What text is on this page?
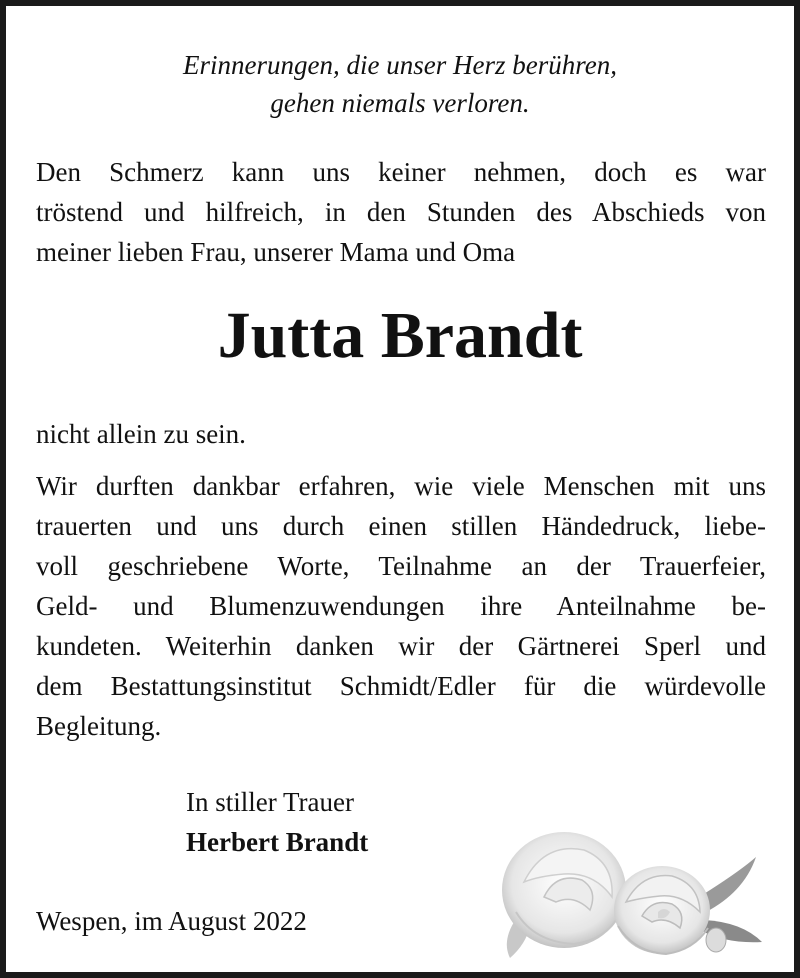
Erinnerungen, die unser Herz berühren,
gehen niemals verloren.
Den Schmerz kann uns keiner nehmen, doch es war
tröstend und hilfreich, in den Stunden des Abschieds von
meiner lieben Frau, unserer Mama und Oma
Jutta Brandt
nicht allein zu sein.
Wir durften dankbar erfahren, wie viele Menschen mit uns
trauerten und uns durch einen stillen Händedruck, liebe-
voll geschriebene Worte, Teilnahme an der Trauerfeier,
Geld- und Blumenzuwendungen ihre Anteilnahme be-
kundeten. Weiterhin danken wir der Gärtnerei Sperl und
dem Bestattungsinstitut Schmidt/Edler für die würdevolle
Begleitung.
In stiller Trauer
Herbert Brandt
Wespen, im August 2022
